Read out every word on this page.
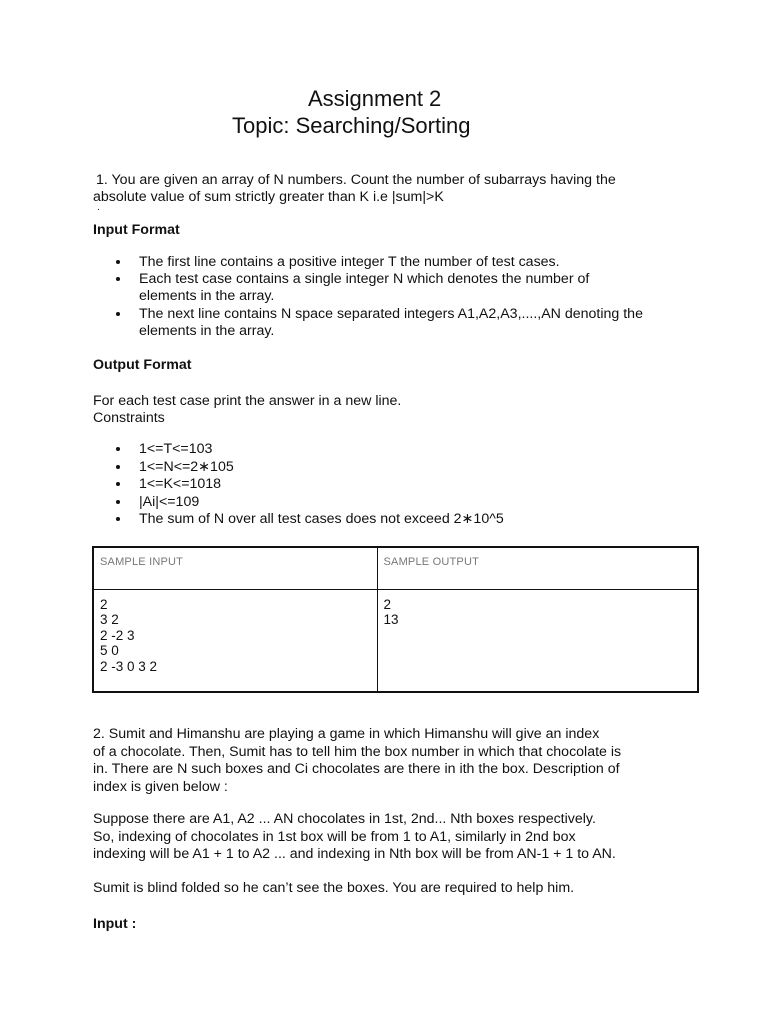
Assignment 2
Topic: Searching/Sorting
1. You are given an array of N numbers. Count the number of subarrays having the
absolute value of sum strictly greater than K i.e |sum|>K
.
Input Format
The first line contains a positive integer T the number of test cases.
Each test case contains a single integer N which denotes the number of elements in the array.
The next line contains N space separated integers A1,A2,A3,....,AN denoting the elements in the array.
Output Format
For each test case print the answer in a new line.
Constraints
1<=T<=103
1<=N<=2∗105
1<=K<=1018
|Ai|<=109
The sum of N over all test cases does not exceed 2∗10^5
SAMPLE INPUT	SAMPLE OUTPUT

2
3 2
2 -2 3
5 0
2 -3 0 3 2	2
13
2. Sumit and Himanshu are playing a game in which Himanshu will give an index
of a chocolate. Then, Sumit has to tell him the box number in which that chocolate is
in. There are N such boxes and Ci chocolates are there in ith the box. Description of
index is given below :
Suppose there are A1, A2 ... AN chocolates in 1st, 2nd... Nth boxes respectively.
So, indexing of chocolates in 1st box will be from 1 to A1, similarly in 2nd box
indexing will be A1 + 1 to A2 ... and indexing in Nth box will be from AN-1 + 1 to AN.
Sumit is blind folded so he can’t see the boxes. You are required to help him.
Input :
